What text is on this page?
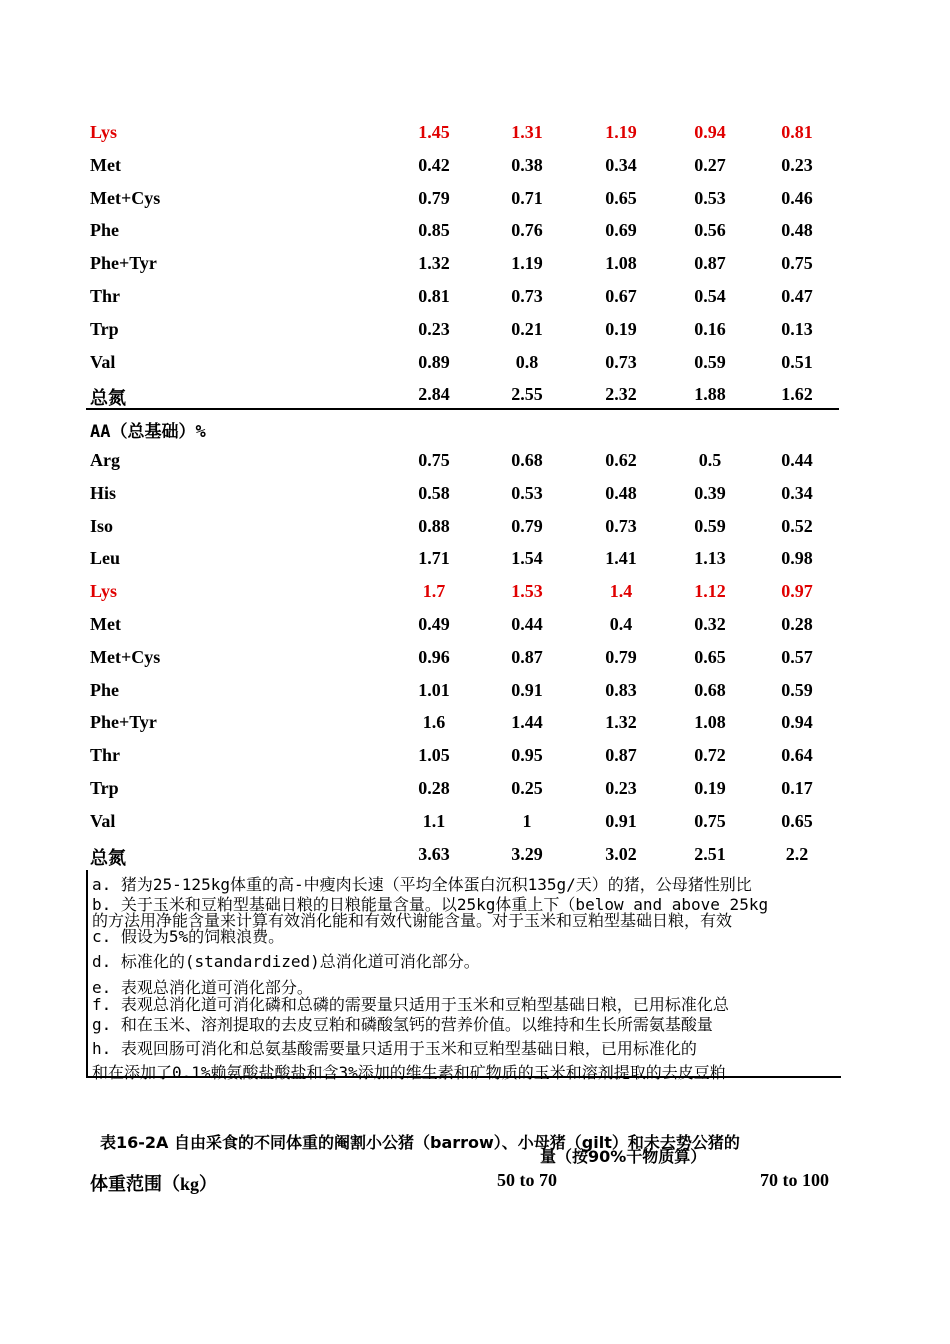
Lys	1.45	1.31	1.19	0.94	0.81
Met	0.42	0.38	0.34	0.27	0.23
Met+Cys	0.79	0.71	0.65	0.53	0.46
Phe	0.85	0.76	0.69	0.56	0.48
Phe+Tyr	1.32	1.19	1.08	0.87	0.75
Thr	0.81	0.73	0.67	0.54	0.47
Trp	0.23	0.21	0.19	0.16	0.13
Val	0.89	0.8	0.73	0.59	0.51
总氮	2.84	2.55	2.32	1.88	1.62
AA（总基础）%
Arg	0.75	0.68	0.62	0.5	0.44
His	0.58	0.53	0.48	0.39	0.34
Iso	0.88	0.79	0.73	0.59	0.52
Leu	1.71	1.54	1.41	1.13	0.98
Lys	1.7	1.53	1.4	1.12	0.97
Met	0.49	0.44	0.4	0.32	0.28
Met+Cys	0.96	0.87	0.79	0.65	0.57
Phe	1.01	0.91	0.83	0.68	0.59
Phe+Tyr	1.6	1.44	1.32	1.08	0.94
Thr	1.05	0.95	0.87	0.72	0.64
Trp	0.28	0.25	0.23	0.19	0.17
Val	1.1	1	0.91	0.75	0.65
总氮	3.63	3.29	3.02	2.51	2.2
a. 猪为25-125kg体重的高-中瘦肉长速（平均全体蛋白沉积135g/天）的猪，公母猪性别比
b. 关于玉米和豆粕型基础日粮的日粮能量含量。以25kg体重上下（below and above 25kg
的方法用净能含量来计算有效消化能和有效代谢能含量。对于玉米和豆粕型基础日粮，有效
c. 假设为5%的饲粮浪费。
d. 标准化的(standardized)总消化道可消化部分。
e. 表观总消化道可消化部分。
f. 表观总消化道可消化磷和总磷的需要量只适用于玉米和豆粕型基础日粮，已用标准化总
g. 和在玉米、溶剂提取的去皮豆粕和磷酸氢钙的营养价值。以维持和生长所需氨基酸量
h. 表观回肠可消化和总氨基酸需要量只适用于玉米和豆粕型基础日粮，已用标准化的
和在添加了0.1%赖氨酸盐酸盐和含3%添加的维生素和矿物质的玉米和溶剂提取的去皮豆粕
表16-2A 自由采食的不同体重的阉割小公猪（barrow）、小母猪（gilt）和未去势公猪的
量（按90%干物质算）
体重范围（kg）	50 to 70	70 to 100
